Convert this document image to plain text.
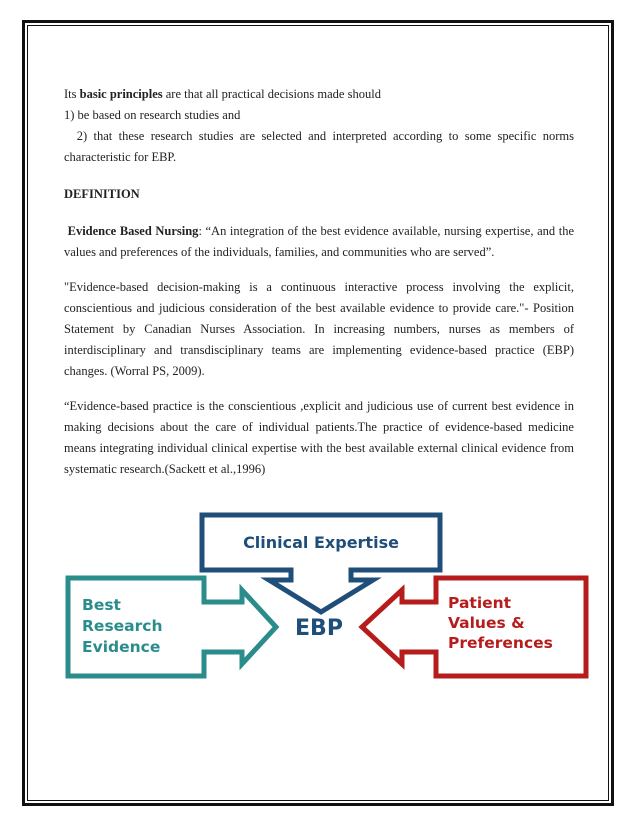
Its basic principles are that all practical decisions made should

1) be based on research studies and

2) that these research studies are selected and interpreted according to some specific norms characteristic for EBP.

DEFINITION

Evidence Based Nursing: “An integration of the best evidence available, nursing expertise, and the values and preferences of the individuals, families, and communities who are served”.

"Evidence-based decision-making is a continuous interactive process involving the explicit, conscientious and judicious consideration of the best available evidence to provide care."- Position Statement by Canadian Nurses Association. In increasing numbers, nurses as members of interdisciplinary and transdisciplinary teams are implementing evidence-based practice (EBP) changes. (Worral PS, 2009).

“Evidence-based practice is the conscientious ,explicit and judicious use of current best evidence in making decisions about the care of individual patients.The practice of evidence-based medicine means integrating individual clinical expertise with the best available external clinical evidence from systematic research.(Sackett et al.,1996)

Clinical Expertise
Best Research Evidence
Patient Values & Preferences
EBP
